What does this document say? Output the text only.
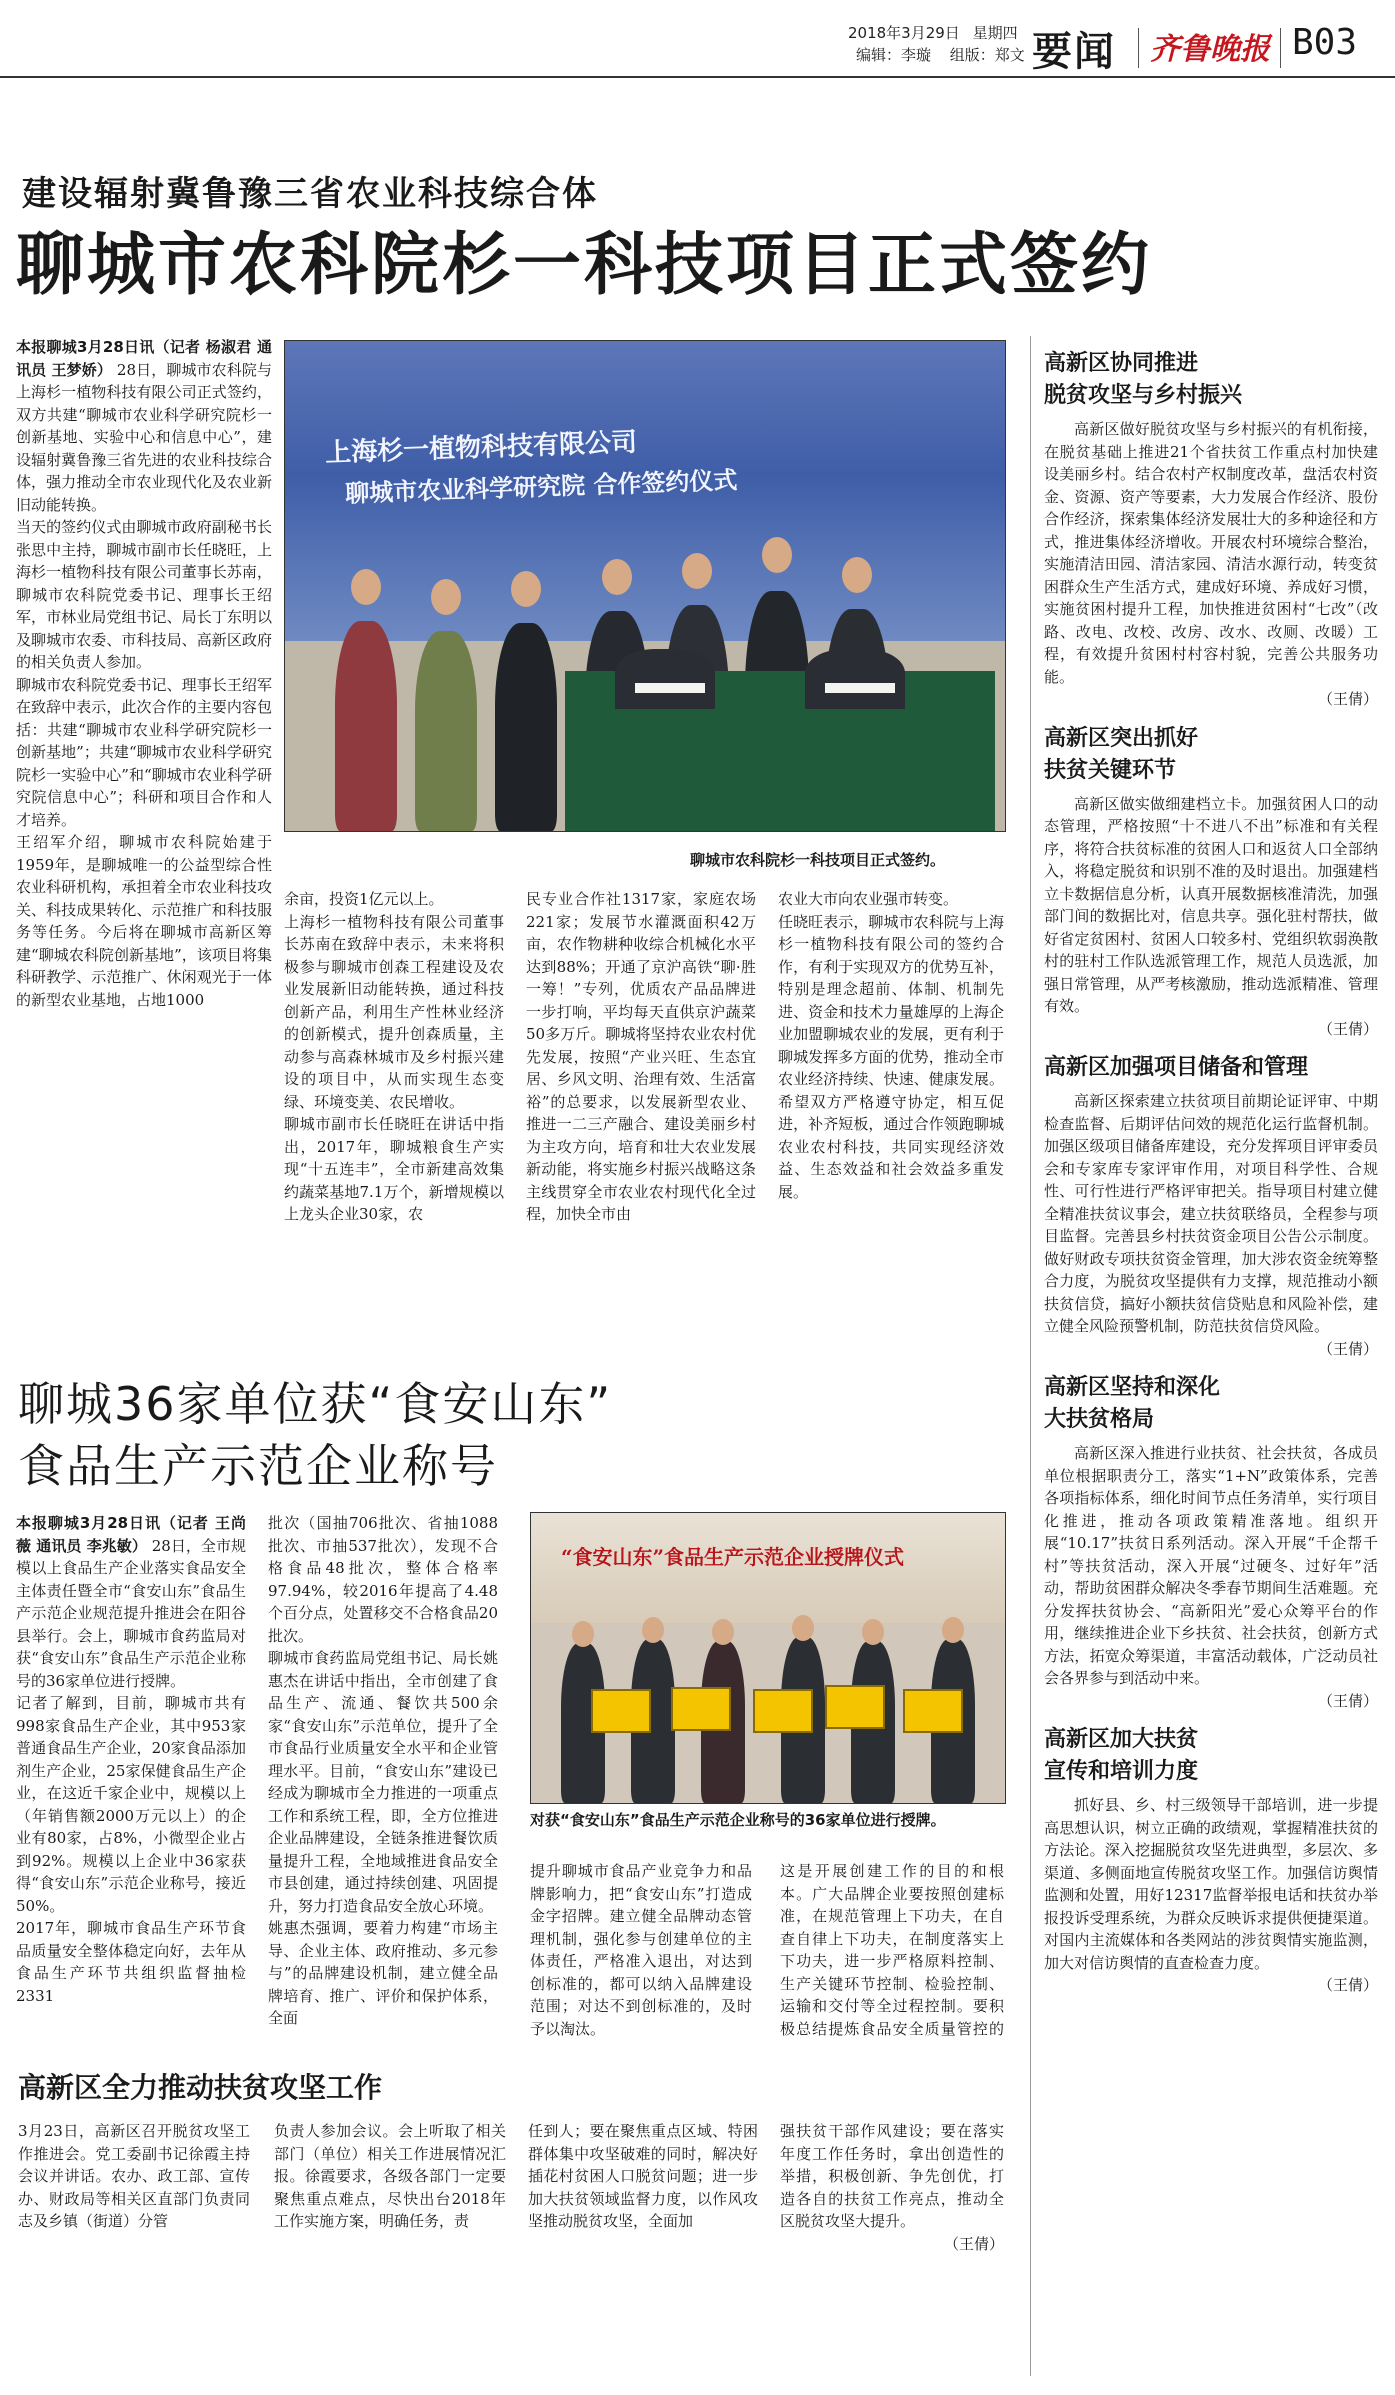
2018年3月29日 星期四
编辑：李璇 组版：郑文 要闻 齐鲁晚报 B03
建设辐射冀鲁豫三省农业科技综合体
聊城市农科院杉一科技项目正式签约
本报聊城3月28日讯（记者 杨淑君 通讯员 王梦娇） 28日，聊城市农科院与上海杉一植物科技有限公司正式签约，双方共建“聊城市农业科学研究院杉一创新基地、实验中心和信息中心”，建设辐射冀鲁豫三省先进的农业科技综合体，强力推动全市农业现代化及农业新旧动能转换。
当天的签约仪式由聊城市政府副秘书长张思中主持，聊城市副市长任晓旺，上海杉一植物科技有限公司董事长苏南，聊城市农科院党委书记、理事长王绍军，市林业局党组书记、局长丁东明以及聊城市农委、市科技局、高新区政府的相关负责人参加。
聊城市农科院党委书记、理事长王绍军在致辞中表示，此次合作的主要内容包括：共建“聊城市农业科学研究院杉一创新基地”；共建“聊城市农业科学研究院杉一实验中心”和“聊城市农业科学研究院信息中心”；科研和项目合作和人才培养。
王绍军介绍，聊城市农科院始建于1959年，是聊城唯一的公益型综合性农业科研机构，承担着全市农业科技攻关、科技成果转化、示范推广和科技服务等任务。今后将在聊城市高新区筹建“聊城农科院创新基地”，该项目将集科研教学、示范推广、休闲观光于一体的新型农业基地，占地1000
上海杉一植物科技有限公司
聊城市农业科学研究院 合作签约仪式
聊城市农科院杉一科技项目正式签约。
余亩，投资1亿元以上。
上海杉一植物科技有限公司董事长苏南在致辞中表示，未来将积极参与聊城市创森工程建设及农业发展新旧动能转换，通过科技创新产品，利用生产性林业经济的创新模式，提升创森质量，主动参与高森林城市及乡村振兴建设的项目中，从而实现生态变绿、环境变美、农民增收。
聊城市副市长任晓旺在讲话中指出，2017年，聊城粮食生产实现“十五连丰”，全市新建高效集约蔬菜基地7.1万个，新增规模以上龙头企业30家，农
民专业合作社1317家，家庭农场221家；发展节水灌溉面积42万亩，农作物耕种收综合机械化水平达到88%；开通了京沪高铁“聊·胜一筹！”专列，优质农产品品牌进一步打响，平均每天直供京沪蔬菜50多万斤。聊城将坚持农业农村优先发展，按照“产业兴旺、生态宜居、乡风文明、治理有效、生活富裕”的总要求，以发展新型农业、推进一二三产融合、建设美丽乡村为主攻方向，培育和壮大农业发展新动能，将实施乡村振兴战略这条主线贯穿全市农业农村现代化全过程，加快全市由
农业大市向农业强市转变。
任晓旺表示，聊城市农科院与上海杉一植物科技有限公司的签约合作，有利于实现双方的优势互补，特别是理念超前、体制、机制先进、资金和技术力量雄厚的上海企业加盟聊城农业的发展，更有利于聊城发挥多方面的优势，推动全市农业经济持续、快速、健康发展。希望双方严格遵守协定，相互促进，补齐短板，通过合作领跑聊城农业农村科技，共同实现经济效益、生态效益和社会效益多重发展。
聊城36家单位获“食安山东”
食品生产示范企业称号
本报聊城3月28日讯（记者 王尚薇 通讯员 李兆敏） 28日，全市规模以上食品生产企业落实食品安全主体责任暨全市“食安山东”食品生产示范企业规范提升推进会在阳谷县举行。会上，聊城市食药监局对获“食安山东”食品生产示范企业称号的36家单位进行授牌。
记者了解到，目前，聊城市共有998家食品生产企业，其中953家普通食品生产企业，20家食品添加剂生产企业，25家保健食品生产企业，在这近千家企业中，规模以上（年销售额2000万元以上）的企业有80家，占8%，小微型企业占到92%。规模以上企业中36家获得“食安山东”示范企业称号，接近50%。
2017年，聊城市食品生产环节食品质量安全整体稳定向好，去年从食品生产环节共组织监督抽检2331
批次（国抽706批次、省抽1088批次、市抽537批次），发现不合格食品48批次，整体合格率97.94%，较2016年提高了4.48个百分点，处置移交不合格食品20批次。
聊城市食药监局党组书记、局长姚惠杰在讲话中指出，全市创建了食品生产、流通、餐饮共500余家“食安山东”示范单位，提升了全市食品行业质量安全水平和企业管理水平。目前，“食安山东”建设已经成为聊城市全力推进的一项重点工作和系统工程，即，全方位推进企业品牌建设，全链条推进餐饮质量提升工程，全地域推进食品安全市县创建，通过持续创建、巩固提升，努力打造食品安全放心环境。
姚惠杰强调，要着力构建“市场主导、企业主体、政府推动、多元参与”的品牌建设机制，建立健全品牌培育、推广、评价和保护体系，全面
“食安山东”食品生产示范企业授牌仪式
对获“食安山东”食品生产示范企业称号的36家单位进行授牌。
提升聊城市食品产业竞争力和品牌影响力，把“食安山东”打造成金字招牌。建立健全品牌动态管理机制，强化参与创建单位的主体责任，严格准入退出，对达到创标准的，都可以纳入品牌建设范围；对达不到创标准的，及时予以淘汰。

这是开展创建工作的目的和根本。广大品牌企业要按照创建标准，在规范管理上下功夫，在自查自律上下功夫，在制度落实上下功夫，进一步严格原料控制、生产关键环节控制、检验控制、运输和交付等全过程控制。要积极总结提炼食品安全质量管控的
高新区全力推动扶贫攻坚工作
3月23日，高新区召开脱贫攻坚工作推进会。党工委副书记徐霞主持会议并讲话。农办、政工部、宣传办、财政局等相关区直部门负责同志及乡镇（街道）分管
负责人参加会议。会上听取了相关部门（单位）相关工作进展情况汇报。徐霞要求，各级各部门一定要聚焦重点难点，尽快出台2018年工作实施方案，明确任务，责
任到人；要在聚焦重点区域、特困群体集中攻坚破难的同时，解决好插花村贫困人口脱贫问题；进一步加大扶贫领域监督力度，以作风攻坚推动脱贫攻坚，全面加
强扶贫干部作风建设；要在落实年度工作任务时，拿出创造性的举措，积极创新、争先创优，打造各自的扶贫工作亮点，推动全区脱贫攻坚大提升。
（王倩）
高新区协同推进
脱贫攻坚与乡村振兴

高新区做好脱贫攻坚与乡村振兴的有机衔接，在脱贫基础上推进21个省扶贫工作重点村加快建设美丽乡村。结合农村产权制度改革，盘活农村资金、资源、资产等要素，大力发展合作经济、股份合作经济，探索集体经济发展壮大的多种途径和方式，推进集体经济增收。开展农村环境综合整治，实施清洁田园、清洁家园、清洁水源行动，转变贫困群众生产生活方式，建成好环境、养成好习惯，实施贫困村提升工程，加快推进贫困村“七改”（改路、改电、改校、改房、改水、改厕、改暖）工程，有效提升贫困村村容村貌，完善公共服务功能。

（王倩）
高新区突出抓好
扶贫关键环节

高新区做实做细建档立卡。加强贫困人口的动态管理，严格按照“十不进八不出”标准和有关程序，将符合扶贫标准的贫困人口和返贫人口全部纳入，将稳定脱贫和识别不准的及时退出。加强建档立卡数据信息分析，认真开展数据核准清洗，加强部门间的数据比对，信息共享。强化驻村帮扶，做好省定贫困村、贫困人口较多村、党组织软弱涣散村的驻村工作队选派管理工作，规范人员选派，加强日常管理，从严考核激励，推动选派精准、管理有效。

（王倩）
高新区加强项目储备和管理

高新区探索建立扶贫项目前期论证评审、中期检查监督、后期评估问效的规范化运行监督机制。加强区级项目储备库建设，充分发挥项目评审委员会和专家库专家评审作用，对项目科学性、合规性、可行性进行严格评审把关。指导项目村建立健全精准扶贫议事会，建立扶贫联络员，全程参与项目监督。完善县乡村扶贫资金项目公告公示制度。做好财政专项扶贫资金管理，加大涉农资金统筹整合力度，为脱贫攻坚提供有力支撑，规范推动小额扶贫信贷，搞好小额扶贫信贷贴息和风险补偿，建立健全风险预警机制，防范扶贫信贷风险。

（王倩）
高新区坚持和深化
大扶贫格局

高新区深入推进行业扶贫、社会扶贫，各成员单位根据职责分工，落实“1+N”政策体系，完善各项指标体系，细化时间节点任务清单，实行项目化推进，推动各项政策精准落地。组织开展“10.17”扶贫日系列活动。深入开展“千企帮千村”等扶贫活动，深入开展“过硬冬、过好年”活动，帮助贫困群众解决冬季春节期间生活难题。充分发挥扶贫协会、“高新阳光”爱心众筹平台的作用，继续推进企业下乡扶贫、社会扶贫，创新方式方法，拓宽众筹渠道，丰富活动载体，广泛动员社会各界参与到活动中来。

（王倩）
高新区加大扶贫
宣传和培训力度

抓好县、乡、村三级领导干部培训，进一步提高思想认识，树立正确的政绩观，掌握精准扶贫的方法论。深入挖掘脱贫攻坚先进典型，多层次、多渠道、多侧面地宣传脱贫攻坚工作。加强信访舆情监测和处置，用好12317监督举报电话和扶贫办举报投诉受理系统，为群众反映诉求提供便捷渠道。对国内主流媒体和各类网站的涉贫舆情实施监测，加大对信访舆情的直查检查力度。

（王倩）
